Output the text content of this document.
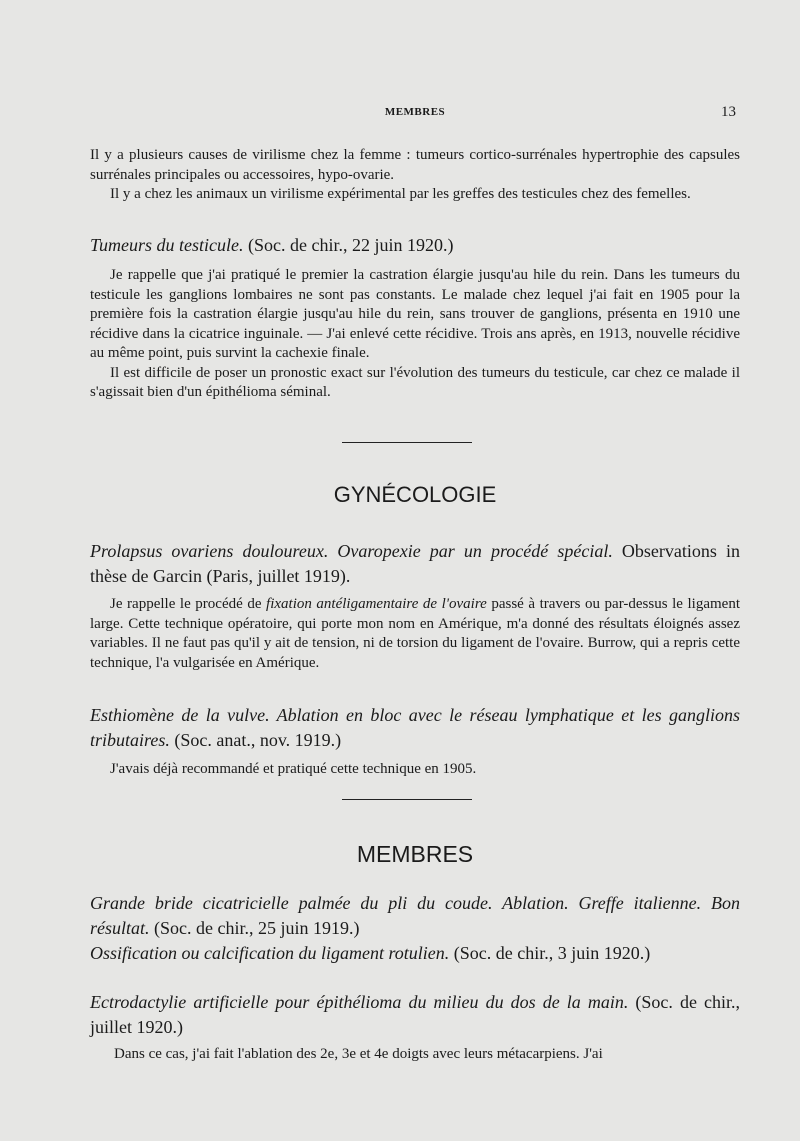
MEMBRES	13

Il y a plusieurs causes de virilisme chez la femme : tumeurs cortico-surrénales hypertrophie des capsules surrénales principales ou accessoires, hypo-ovarie.

Il y a chez les animaux un virilisme expérimental par les greffes des testicules chez des femelles.

Tumeurs du testicule. (Soc. de chir., 22 juin 1920.)

Je rappelle que j'ai pratiqué le premier la castration élargie jusqu'au hile du rein. Dans les tumeurs du testicule les ganglions lombaires ne sont pas constants. Le malade chez lequel j'ai fait en 1905 pour la première fois la castration élargie jusqu'au hile du rein, sans trouver de ganglions, présenta en 1910 une récidive dans la cicatrice inguinale. — J'ai enlevé cette récidive. Trois ans après, en 1913, nouvelle récidive au même point, puis survint la cachexie finale.

Il est difficile de poser un pronostic exact sur l'évolution des tumeurs du testicule, car chez ce malade il s'agissait bien d'un épithélioma séminal.

GYNÉCOLOGIE

Prolapsus ovariens douloureux. Ovaropexie par un procédé spécial. Observations in thèse de Garcin (Paris, juillet 1919).

Je rappelle le procédé de fixation antéligamentaire de l'ovaire passé à travers ou par-dessus le ligament large. Cette technique opératoire, qui porte mon nom en Amérique, m'a donné des résultats éloignés assez variables. Il ne faut pas qu'il y ait de tension, ni de torsion du ligament de l'ovaire. Burrow, qui a repris cette technique, l'a vulgarisée en Amérique.

Esthiomène de la vulve. Ablation en bloc avec le réseau lymphatique et les ganglions tributaires. (Soc. anat., nov. 1919.)

J'avais déjà recommandé et pratiqué cette technique en 1905.

MEMBRES

Grande bride cicatricielle palmée du pli du coude. Ablation. Greffe italienne. Bon résultat. (Soc. de chir., 25 juin 1919.)

Ossification ou calcification du ligament rotulien. (Soc. de chir., 3 juin 1920.)

Ectrodactylie artificielle pour épithélioma du milieu du dos de la main. (Soc. de chir., juillet 1920.)

Dans ce cas, j'ai fait l'ablation des 2e, 3e et 4e doigts avec leurs métacarpiens. J'ai
